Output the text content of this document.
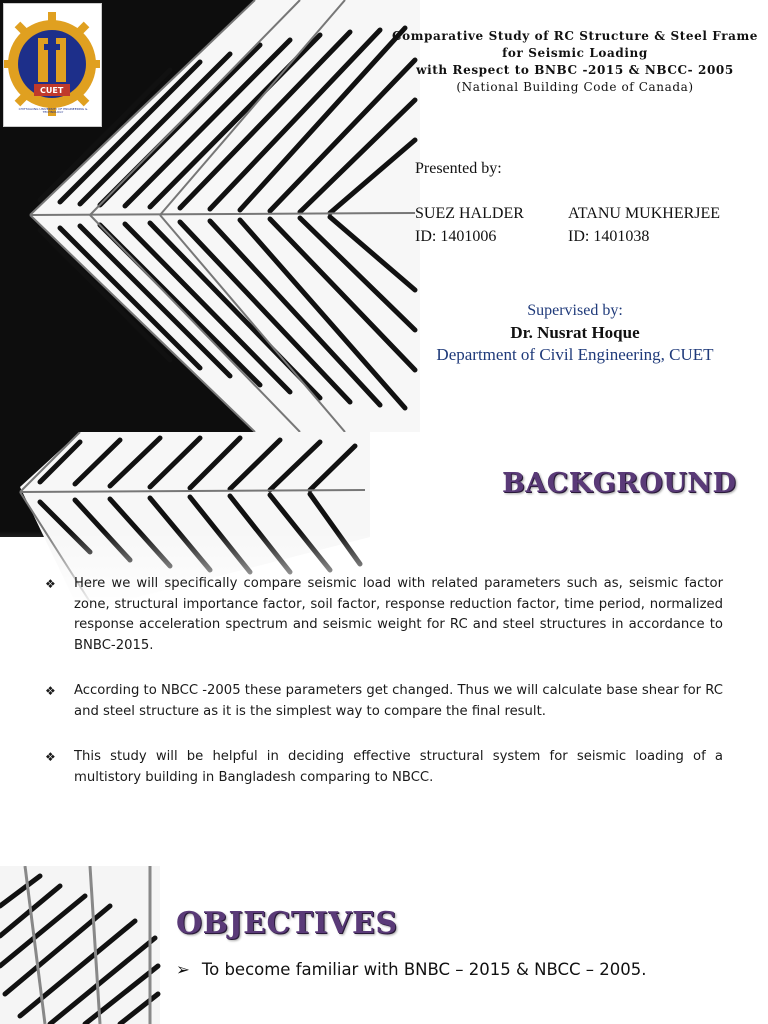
CUET
CHITTAGONG UNIVERSITY OF ENGINEERING & TECHNOLOGY
Comparative Study of RC Structure & Steel Frame
for Seismic Loading
with Respect to BNBC -2015 & NBCC- 2005
(National Building Code of Canada)
Presented by:
SUEZ HALDER
ID: 1401006
ATANU MUKHERJEE
ID: 1401038
Supervised by:
Dr. Nusrat Hoque
Department of Civil Engineering, CUET
BACKGROUND
❖ Here we will specifically compare seismic load with related parameters such as, seismic factor zone, structural importance factor, soil factor, response reduction factor, time period, normalized response acceleration spectrum and seismic weight for RC and steel structures in accordance to BNBC-2015.
❖ According to NBCC -2005 these parameters get changed. Thus we will calculate base shear for RC and steel structure as it is the simplest way to compare the final result.
❖ This study will be helpful in deciding effective structural system for seismic loading of a multistory building in Bangladesh comparing to NBCC.
OBJECTIVES
➢ To become familiar with BNBC – 2015 & NBCC – 2005.
